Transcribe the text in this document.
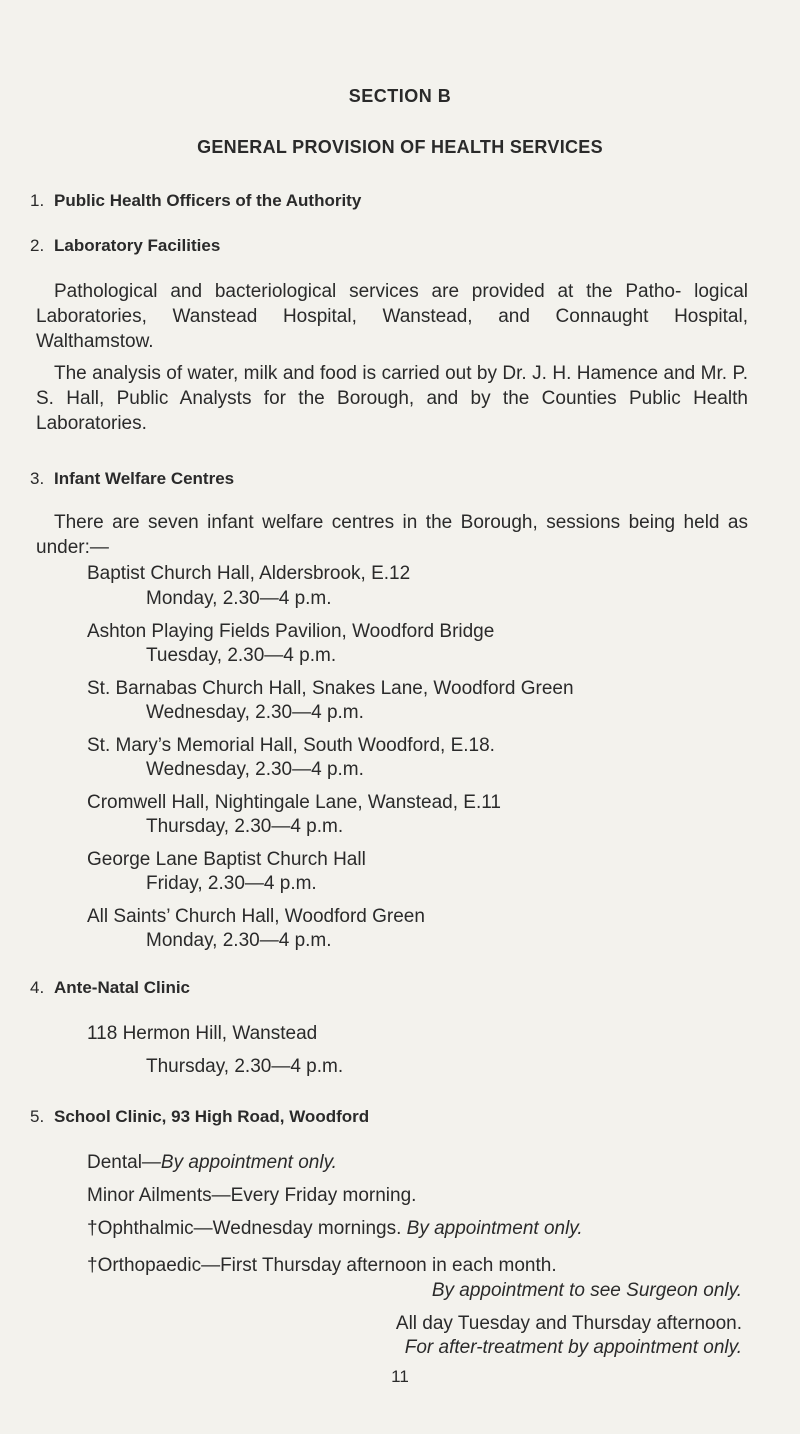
SECTION B
GENERAL PROVISION OF HEALTH SERVICES
1. Public Health Officers of the Authority
2. Laboratory Facilities
Pathological and bacteriological services are provided at the Patho- logical Laboratories, Wanstead Hospital, Wanstead, and Connaught Hospital, Walthamstow.
The analysis of water, milk and food is carried out by Dr. J. H. Hamence and Mr. P. S. Hall, Public Analysts for the Borough, and by the Counties Public Health Laboratories.
3. Infant Welfare Centres
There are seven infant welfare centres in the Borough, sessions being held as under:—
Baptist Church Hall, Aldersbrook, E.12
Monday, 2.30—4 p.m.
Ashton Playing Fields Pavilion, Woodford Bridge
Tuesday, 2.30—4 p.m.
St. Barnabas Church Hall, Snakes Lane, Woodford Green
Wednesday, 2.30—4 p.m.
St. Mary’s Memorial Hall, South Woodford, E.18.
Wednesday, 2.30—4 p.m.
Cromwell Hall, Nightingale Lane, Wanstead, E.11
Thursday, 2.30—4 p.m.
George Lane Baptist Church Hall
Friday, 2.30—4 p.m.
All Saints’ Church Hall, Woodford Green
Monday, 2.30—4 p.m.
4. Ante-Natal Clinic
118 Hermon Hill, Wanstead
Thursday, 2.30—4 p.m.
5. School Clinic, 93 High Road, Woodford
Dental—By appointment only.
Minor Ailments—Every Friday morning.
†Ophthalmic—Wednesday mornings. By appointment only.
†Orthopaedic—First Thursday afternoon in each month.
By appointment to see Surgeon only.
All day Tuesday and Thursday afternoon.
For after-treatment by appointment only.
11
